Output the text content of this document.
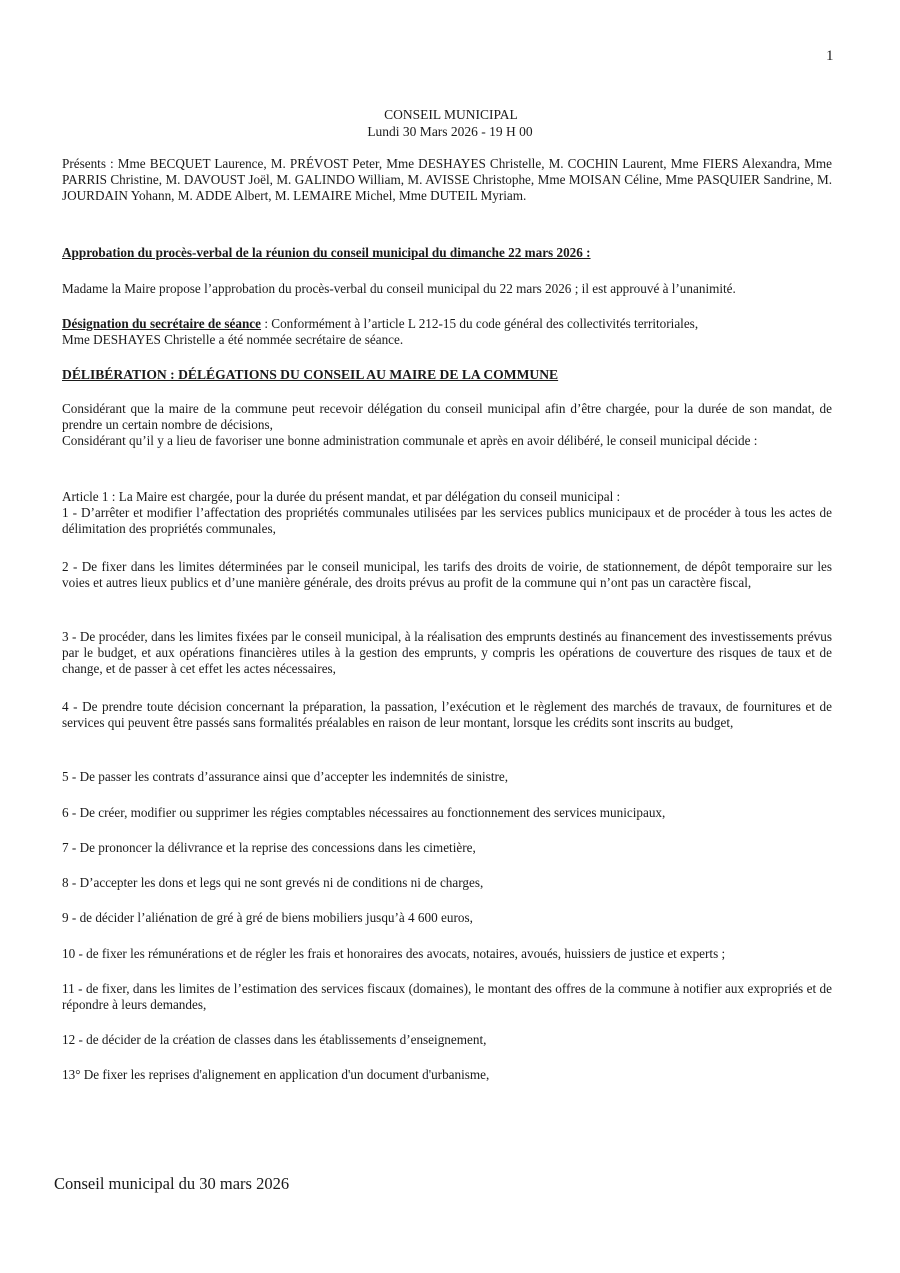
1
CONSEIL MUNICIPAL
Lundi 30 Mars 2026 - 19 H 00

Présents : Mme BECQUET Laurence, M. PRÉVOST Peter, Mme DESHAYES Christelle, M. COCHIN Laurent, Mme FIERS Alexandra, Mme PARRIS Christine, M. DAVOUST Joël, M. GALINDO William, M. AVISSE Christophe, Mme MOISAN Céline, Mme PASQUIER Sandrine, M. JOURDAIN Yohann, M. ADDE Albert, M. LEMAIRE Michel, Mme DUTEIL Myriam.

Approbation du procès-verbal de la réunion du conseil municipal du dimanche 22 mars 2026 :

Madame la Maire propose l’approbation du procès-verbal du conseil municipal du 22 mars 2026 ; il est approuvé à l’unanimité.

Désignation du secrétaire de séance : Conformément à l’article L 212-15 du code général des collectivités territoriales,
Mme DESHAYES Christelle a été nommée secrétaire de séance.

DÉLIBÉRATION : DÉLÉGATIONS DU CONSEIL AU MAIRE DE LA COMMUNE

Considérant que la maire de la commune peut recevoir délégation du conseil municipal afin d’être chargée, pour la durée de son mandat, de prendre un certain nombre de décisions,

Considérant qu’il y a lieu de favoriser une bonne administration communale et après en avoir délibéré, le conseil municipal décide :

Article 1 : La Maire est chargée, pour la durée du présent mandat, et par délégation du conseil municipal :

1 - D’arrêter et modifier l’affectation des propriétés communales utilisées par les services publics municipaux et de procéder à tous les actes de délimitation des propriétés communales,

2 - De fixer dans les limites déterminées par le conseil municipal, les tarifs des droits de voirie, de stationnement, de dépôt temporaire sur les voies et autres lieux publics et d’une manière générale, des droits prévus au profit de la commune qui n’ont pas un caractère fiscal,

3 - De procéder, dans les limites fixées par le conseil municipal, à la réalisation des emprunts destinés au financement des investissements prévus par le budget, et aux opérations financières utiles à la gestion des emprunts, y compris les opérations de couverture des risques de taux et de change, et de passer à cet effet les actes nécessaires,

4 - De prendre toute décision concernant la préparation, la passation, l’exécution et le règlement des marchés de travaux, de fournitures et de services qui peuvent être passés sans formalités préalables en raison de leur montant, lorsque les crédits sont inscrits au budget,

5 - De passer les contrats d’assurance ainsi que d’accepter les indemnités de sinistre,

6 - De créer, modifier ou supprimer les régies comptables nécessaires au fonctionnement des services municipaux,

7 - De prononcer la délivrance et la reprise des concessions dans les cimetière,

8 - D’accepter les dons et legs qui ne sont grevés ni de conditions ni de charges,

9 - de décider l’aliénation de gré à gré de biens mobiliers jusqu’à 4 600 euros,

10 - de fixer les rémunérations et de régler les frais et honoraires des avocats, notaires, avoués, huissiers de justice et experts ;

11 - de fixer, dans les limites de l’estimation des services fiscaux (domaines), le montant des offres de la commune à notifier aux expropriés et de répondre à leurs demandes,

12 - de décider de la création de classes dans les établissements d’enseignement,

13° De fixer les reprises d'alignement en application d'un document d'urbanisme,

Conseil municipal du 30 mars 2026
